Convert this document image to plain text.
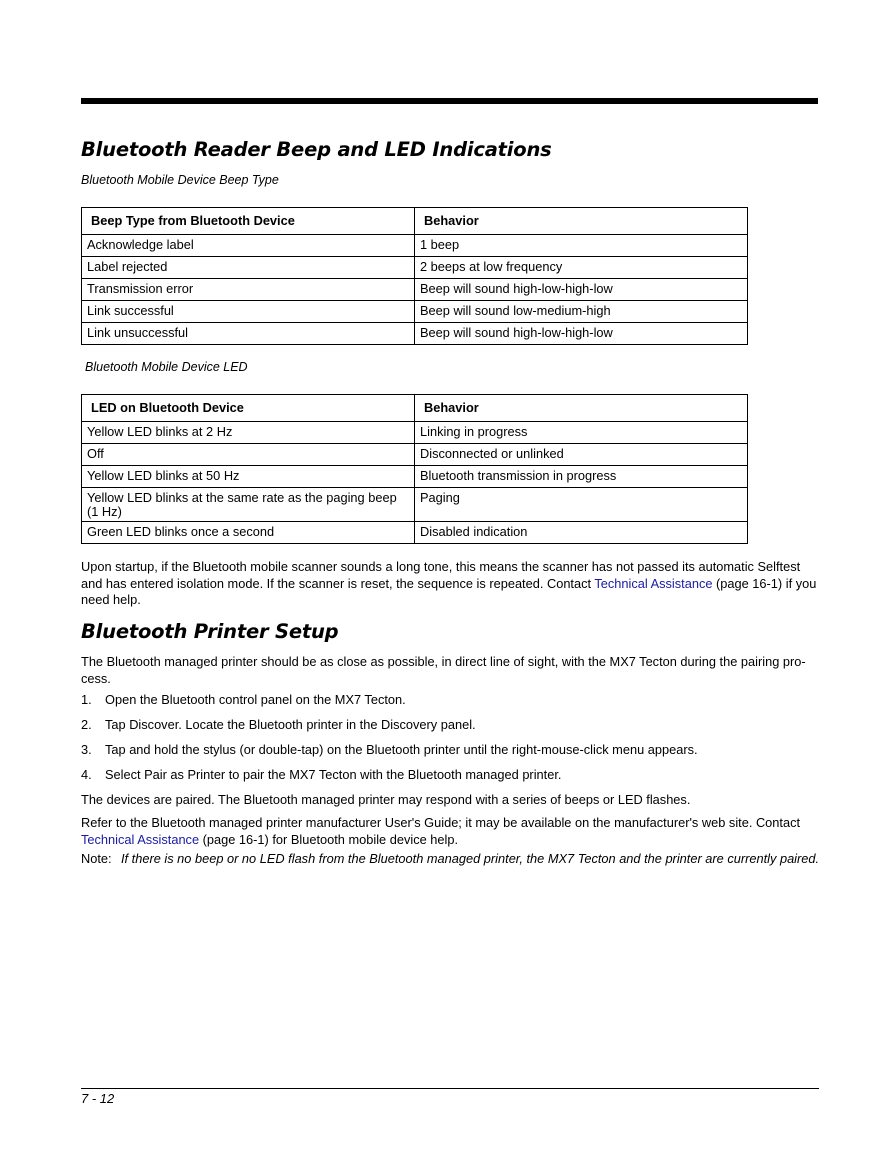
Bluetooth Reader Beep and LED Indications

Bluetooth Mobile Device Beep Type

Beep Type from Bluetooth Device	Behavior
Acknowledge label	1 beep
Label rejected	2 beeps at low frequency
Transmission error	Beep will sound high-low-high-low
Link successful	Beep will sound low-medium-high
Link unsuccessful	Beep will sound high-low-high-low

Bluetooth Mobile Device LED

LED on Bluetooth Device	Behavior
Yellow LED blinks at 2 Hz	Linking in progress
Off	Disconnected or unlinked
Yellow LED blinks at 50 Hz	Bluetooth transmission in progress
Yellow LED blinks at the same rate as the paging beep (1 Hz)	Paging
Green LED blinks once a second	Disabled indication

Upon startup, if the Bluetooth mobile scanner sounds a long tone, this means the scanner has not passed its automatic Selftest and has entered isolation mode. If the scanner is reset, the sequence is repeated. Contact Technical Assistance (page 16-1) if you need help.

Bluetooth Printer Setup

The Bluetooth managed printer should be as close as possible, in direct line of sight, with the MX7 Tecton during the pairing pro-cess.

1.	Open the Bluetooth control panel on the MX7 Tecton.
2.	Tap Discover. Locate the Bluetooth printer in the Discovery panel.
3.	Tap and hold the stylus (or double-tap) on the Bluetooth printer until the right-mouse-click menu appears.
4.	Select Pair as Printer to pair the MX7 Tecton with the Bluetooth managed printer.

The devices are paired. The Bluetooth managed printer may respond with a series of beeps or LED flashes.

Refer to the Bluetooth managed printer manufacturer User's Guide; it may be available on the manufacturer's web site. Contact Technical Assistance (page 16-1) for Bluetooth mobile device help.

Note: If there is no beep or no LED flash from the Bluetooth managed printer, the MX7 Tecton and the printer are currently paired.
7 - 12
